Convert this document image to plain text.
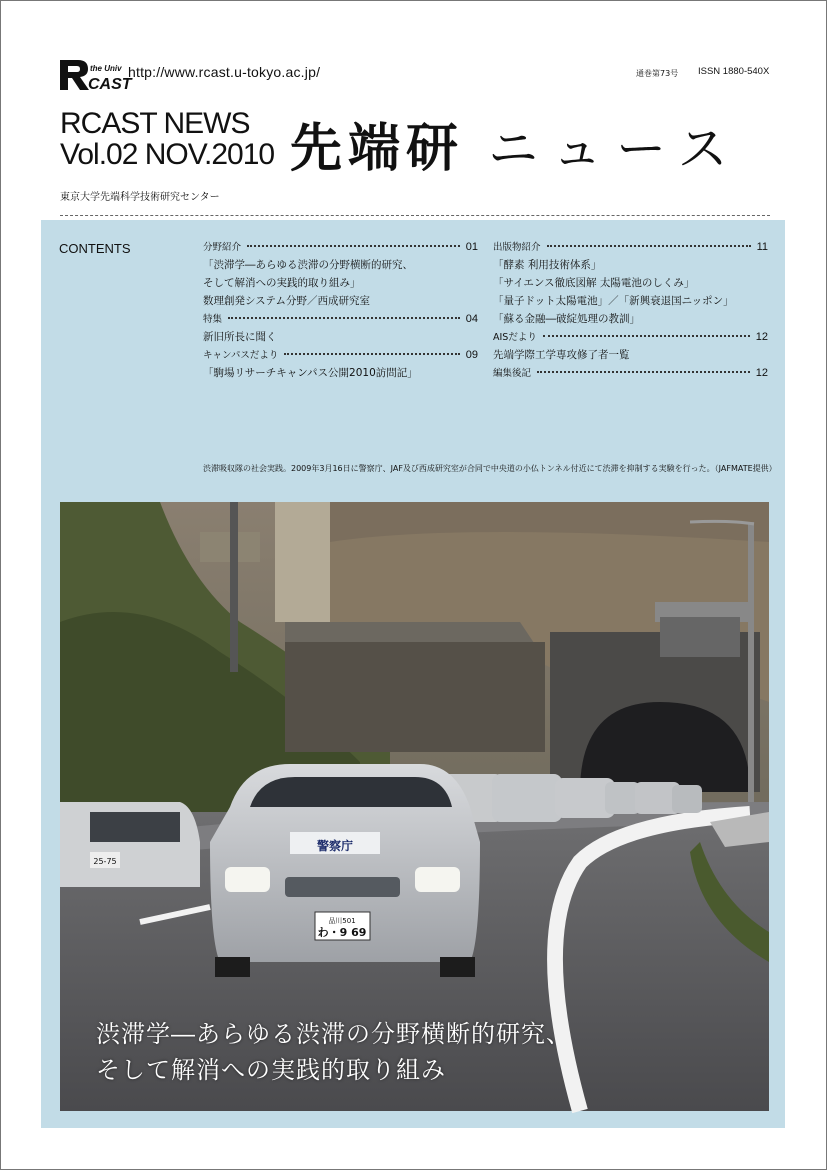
the Univ
CAST
http://www.rcast.u-tokyo.ac.jp/	通巻第73号 ISSN 1880-540X
RCAST NEWS
Vol.02 NOV.2010 先端研 ニュース
東京大学先端科学技術研究センター
CONTENTS	分野紹介	01
「渋滞学―あらゆる渋滞の分野横断的研究、
そして解消への実践的取り組み」
数理創発システム分野／西成研究室
特集	04
新旧所長に聞く
キャンパスだより	09
「駒場リサーチキャンパス公開2010訪問記」
出版物紹介	11
「酵素 利用技術体系」
「サイエンス徹底図解 太陽電池のしくみ」
「量子ドット太陽電池」／「新興衰退国ニッポン」
「蘇る金融―破綻処理の教訓」
AISだより	12
先端学際工学専攻修了者一覧
編集後記	12
渋滞吸収隊の社会実践。2009年3月16日に警察庁、JAF及び西成研究室が合同で中央道の小仏トンネル付近にて渋滞を抑制する実験を行った。（JAFMATE提供）
25-75
警察庁
品川501
わ・9 69
渋滞学―あらゆる渋滞の分野横断的研究、
そして解消への実践的取り組み
